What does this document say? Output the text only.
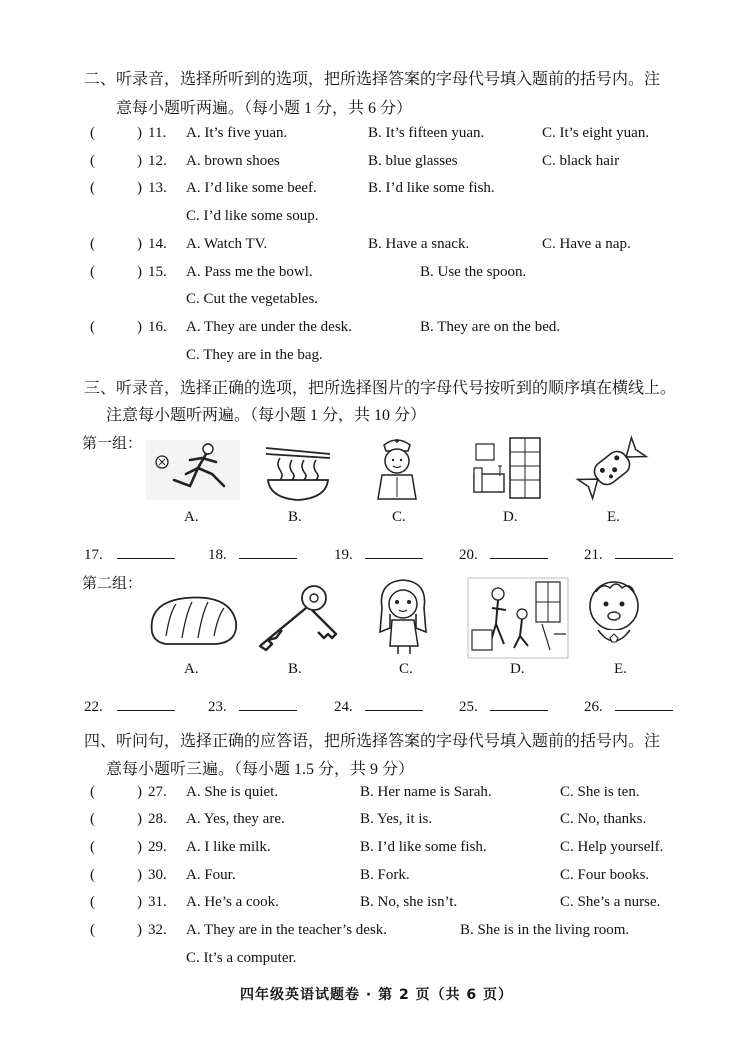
二、听录音，选择所听到的选项，把所选择答案的字母代号填入题前的括号内。注
意每小题听两遍。（每小题 1 分，共 6 分）
(	) 11. A. It’s five yuan.	B. It’s fifteen yuan.	C. It’s eight yuan.
(	) 12. A. brown shoes	B. blue glasses	C. black hair
(	) 13. A. I’d like some beef.	B. I’d like some fish.
C. I’d like some soup.
(	) 14. A. Watch TV.	B. Have a snack.	C. Have a nap.
(	) 15. A. Pass me the bowl.	B. Use the spoon.
C. Cut the vegetables.
(	) 16. A. They are under the desk.	B. They are on the bed.
C. They are in the bag.
三、听录音，选择正确的选项，把所选择图片的字母代号按听到的顺序填在横线上。
注意每小题听两遍。（每小题 1 分，共 10 分）
第一组：
A.	B.	C.	D.	E.
17.	18.	19.	20.	21.
第二组：
A.	B.	C.	D.	E.
22.	23.	24.	25.	26.
四、听问句，选择正确的应答语，把所选择答案的字母代号填入题前的括号内。注
意每小题听三遍。（每小题 1.5 分，共 9 分）
(	) 27. A. She is quiet.	B. Her name is Sarah.	C. She is ten.
(	) 28. A. Yes, they are.	B. Yes, it is.	C. No, thanks.
(	) 29. A. I like milk.	B. I’d like some fish.	C. Help yourself.
(	) 30. A. Four.	B. Fork.	C. Four books.
(	) 31. A. He’s a cook.	B. No, she isn’t.	C. She’s a nurse.
(	) 32. A. They are in the teacher’s desk.	B. She is in the living room.
C. It’s a computer.
四年级英语试题卷 · 第 2 页（共 6 页）
